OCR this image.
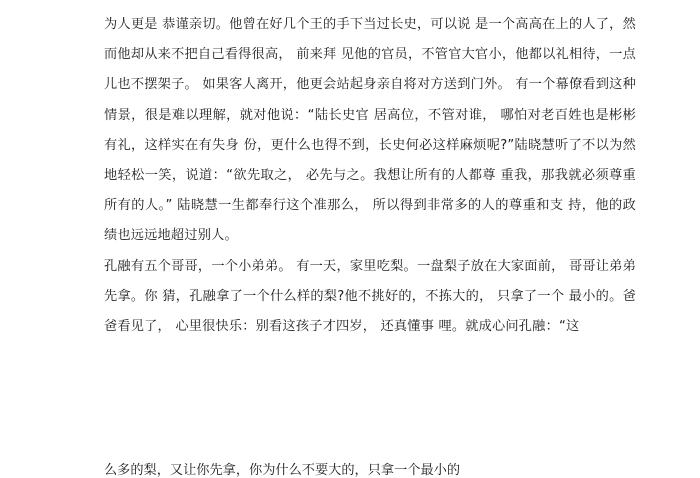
为人更是 恭谨亲切。他曾在好几个王的手下当过长史，可以说 是一个高高在上的人了，然而他却从来不把自己看得很高， 前来拜 见他的官员，不管官大官小，他都以礼相待，一点儿也不摆架子。 如果客人离开，他更会站起身亲自将对方送到门外。 有一个幕僚看到这种情景，很是难以理解，就对他说：“陆长史官 居高位，不管对谁， 哪怕对老百姓也是彬彬有礼，这样实在有失身 份，更什么也得不到，长史何必这样麻烦呢?”陆晓慧听了不以为然 地轻松一笑，说道：“欲先取之， 必先与之。我想让所有的人都尊 重我，那我就必须尊重所有的人。” 陆晓慧一生都奉行这个准那么， 所以得到非常多的人的尊重和支 持，他的政绩也远远地超过别人。

孔融有五个哥哥，一个小弟弟。 有一天，家里吃梨。一盘梨子放在大家面前， 哥哥让弟弟先拿。你 猜，孔融拿了一个什么样的梨?他不挑好的，不拣大的， 只拿了一个 最小的。爸爸看见了， 心里很快乐：别看这孩子才四岁， 还真懂事 哩。就成心问孔融：“这

么多的梨，又让你先拿，你为什么不要大的，只拿一个最小的
